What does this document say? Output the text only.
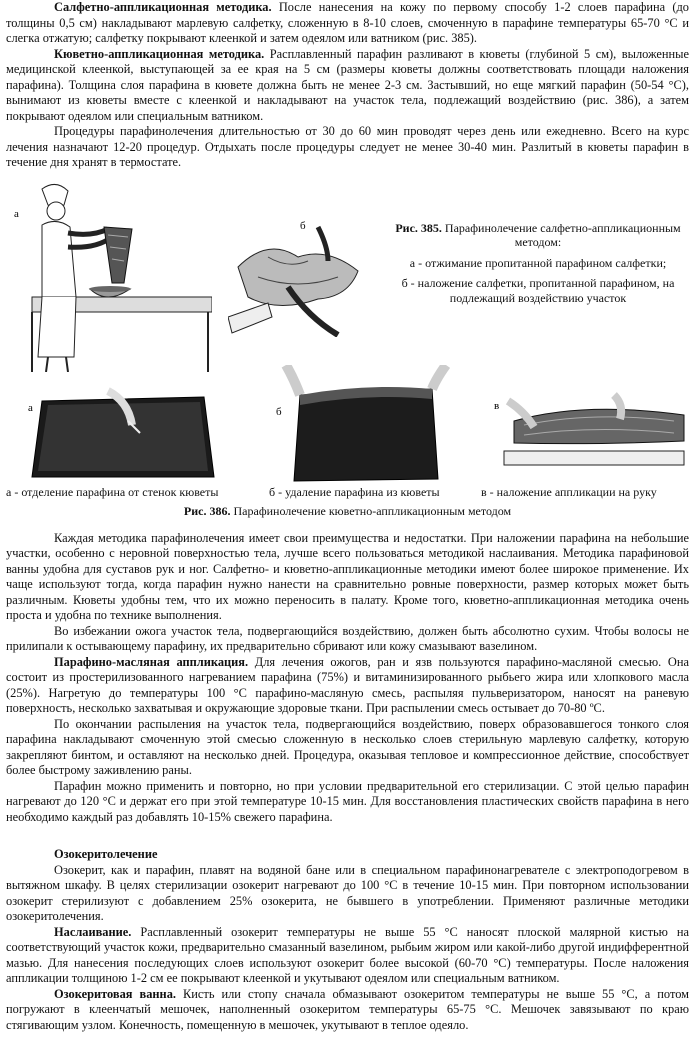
Салфетно-аппликационная методика. После нанесения на кожу по первому способу 1-2 слоев парафина (до толщины 0,5 см) накладывают марлевую салфетку, сложенную в 8-10 слоев, смоченную в парафине температуры 65-70 °С и слегка отжатую; салфетку покрывают клеенкой и затем одеялом или ватником (рис. 385).

Кюветно-аппликационная методика. Расплавленный парафин разливают в кюветы (глубиной 5 см), выложенные медицинской клеенкой, выступающей за ее края на 5 см (размеры кюветы должны соответствовать площади наложения парафина). Толщина слоя парафина в кювете должна быть не менее 2-3 см. Застывший, но еще мягкий парафин (50-54 °С), вынимают из кюветы вместе с клеенкой и накладывают на участок тела, подлежащий воздействию (рис. 386), а затем покрывают одеялом или специальным ватником.

Процедуры парафинолечения длительностью от 30 до 60 мин проводят через день или ежедневно. Всего на курс лечения назначают 12-20 процедур. Отдыхать после процедуры следует не менее 30-40 мин. Разлитый в кюветы парафин в течение дня хранят в термостате.

а
б	Рис. 385. Парафинолечение салфетно-аппликационным методом:
а - отжимание пропитанной парафином салфетки;
б - наложение салфетки, пропитанной парафином, на подлежащий воздействию участок
а	б	в
а - отделение парафина от стенок кюветы	б - удаление парафина из кюветы	в - наложение аппликации на руку
Рис. 386. Парафинолечение кюветно-аппликационным методом

Каждая методика парафинолечения имеет свои преимущества и недостатки. При наложении парафина на небольшие участки, особенно с неровной поверхностью тела, лучше всего пользоваться методикой наслаивания. Методика парафиновой ванны удобна для суставов рук и ног. Салфетно- и кюветно-аппликационные методики имеют более широкое применение. Их чаще используют тогда, когда парафин нужно нанести на сравнительно ровные поверхности, размер которых может быть различным. Кюветы удобны тем, что их можно переносить в палату. Кроме того, кюветно-аппликационная методика очень проста и удобна по технике выполнения.

Во избежании ожога участок тела, подвергающийся воздействию, должен быть абсолютно сухим. Чтобы волосы не прилипали к остывающему парафину, их предварительно сбривают или кожу смазывают вазелином.

Парафино-масляная аппликация. Для лечения ожогов, ран и язв пользуются парафино-масляной смесью. Она состоит из простерилизованного нагреванием парафина (75%) и витаминизированного рыбьего жира или хлопкового масла (25%). Нагретую до температуры 100 °С парафино-масляную смесь, распыляя пульверизатором, наносят на раневую поверхность, несколько захватывая и окружающие здоровые ткани. При распылении смесь остывает до 70-80 ºС.

По окончании распыления на участок тела, подвергающийся воздействию, поверх образовавшегося тонкого слоя парафина накладывают смоченную этой смесью сложенную в несколько слоев стерильную марлевую салфетку, которую закрепляют бинтом, и оставляют на несколько дней. Процедура, оказывая тепловое и компрессионное действие, способствует более быстрому заживлению раны.

Парафин можно применить и повторно, но при условии предварительной его стерилизации. С этой целью парафин нагревают до 120 °С и держат его при этой температуре 10-15 мин. Для восстановления пластических свойств парафина в него необходимо каждый раз добавлять 10-15% свежего парафина.

Озокеритолечение

Озокерит, как и парафин, плавят на водяной бане или в специальном парафинонагревателе с электроподогревом в вытяжном шкафу. В целях стерилизации озокерит нагревают до 100 °С в течение 10-15 мин. При повторном использовании озокерит стерилизуют с добавлением 25% озокерита, не бывшего в употреблении. Применяют различные методики озокеритолечения.

Наслаивание. Расплавленный озокерит температуры не выше 55 °С наносят плоской малярной кистью на соответствующий участок кожи, предварительно смазанный вазелином, рыбьим жиром или какой-либо другой индифферентной мазью. Для нанесения последующих слоев используют озокерит более высокой (60-70 °С) температуры. После наложения аппликации толщиною 1-2 см ее покрывают клеенкой и укутывают одеялом или специальным ватником.

Озокеритовая ванна. Кисть или стопу сначала обмазывают озокеритом температуры не выше 55 °С, а потом погружают в клеенчатый мешочек, наполненный озокеритом температуры 65-75 °С. Мешочек завязывают по краю стягивающим узлом. Конечность, помещенную в мешочек, укутывают в теплое одеяло.
